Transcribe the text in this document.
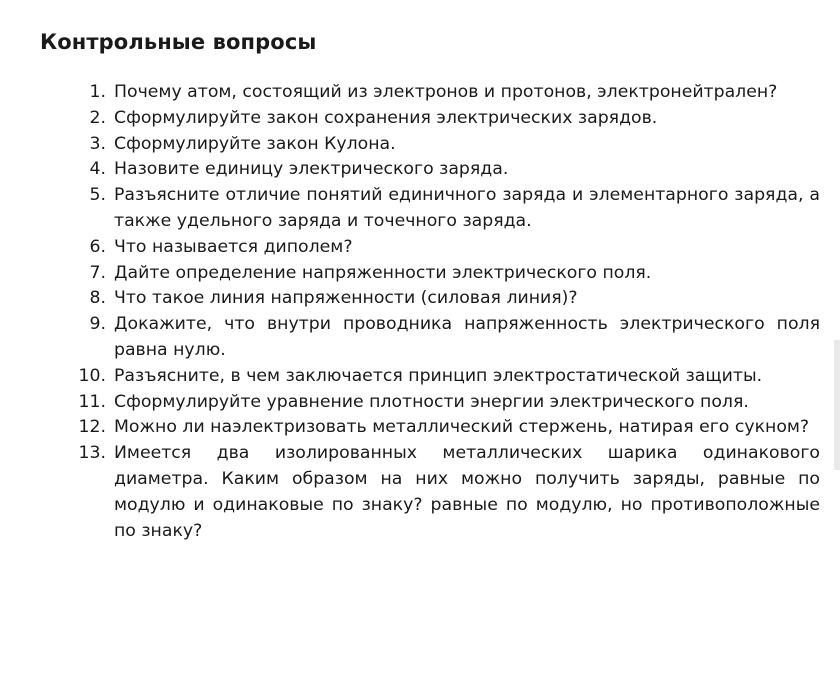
Контрольные вопросы
1. Почему атом, состоящий из электронов и протонов, электронейтрален?
2. Сформулируйте закон сохранения электрических зарядов.
3. Сформулируйте закон Кулона.
4. Назовите единицу электрического заряда.
5. Разъясните отличие понятий единичного заряда и элементарного заряда, а также удельного заряда и точечного заряда.
6. Что называется диполем?
7. Дайте определение напряженности электрического поля.
8. Что такое линия напряженности (силовая линия)?
9. Докажите, что внутри проводника напряженность электрического поля равна нулю.
10. Разъясните, в чем заключается принцип электростатической защиты.
11. Сформулируйте уравнение плотности энергии электрического поля.
12. Можно ли наэлектризовать металлический стержень, натирая его сукном?
13. Имеется два изолированных металлических шарика одинакового диаметра. Каким образом на них можно получить заряды, равные по модулю и одинаковые по знаку? равные по модулю, но противоположные по знаку?
